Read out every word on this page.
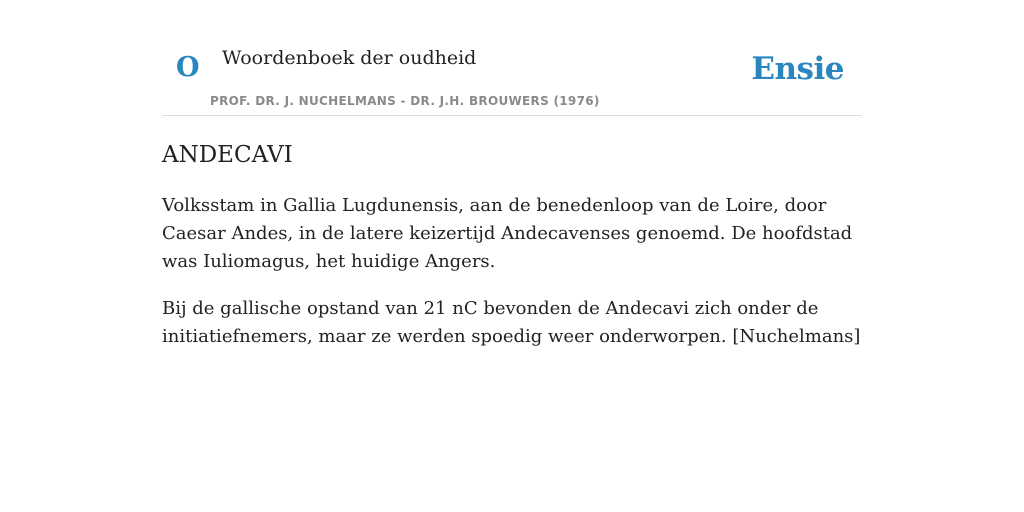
O Woordenboek der oudheid
PROF. DR. J. NUCHELMANS - DR. J.H. BROUWERS (1976)
Ensie
ANDECAVI

Volksstam in Gallia Lugdunensis, aan de benedenloop van de Loire, door Caesar Andes, in de latere keizertijd Andecavenses genoemd. De hoofdstad was Iuliomagus, het huidige Angers.

Bij de gallische opstand van 21 nC bevonden de Andecavi zich onder de initiatiefnemers, maar ze werden spoedig weer onderworpen. [Nuchelmans]
